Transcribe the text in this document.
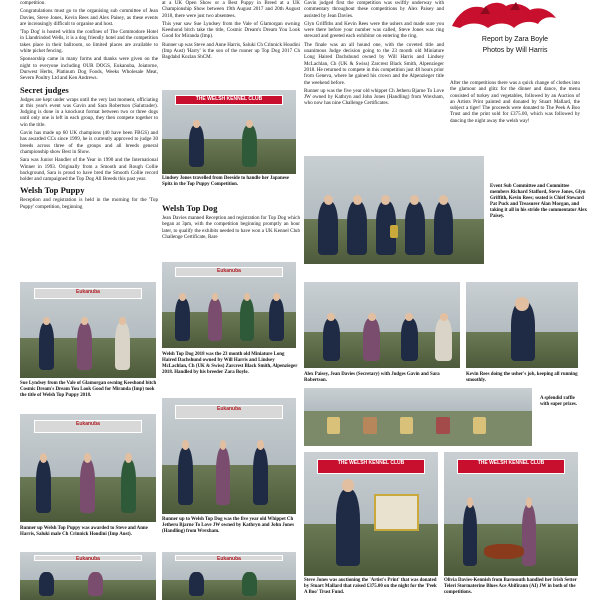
competition.

Congratulations must go to the organising sub committee of Jean Davies, Steve Jones, Kevin Rees and Alex Paisey, as these events are increasingly difficult to organise and host.

'Top Dog' is hosted within the confines of The Commodore Hotel in Llandrindod Wells, it is a dog friendly hotel and the competition takes place in their ballroom, so limited places are available to white picket fencing.

Sponsorship came in many forms and thanks were given on the night to everyone including OUR DOGS, Eukanuba, Joiatorne, Durwest Herbs, Platinum Dog Foods, Weeks Wholesale Meat, Severn Poultry Ltd and Ken Andrews.

Secret judges

Judges are kept under wraps until the very last moment, officiating at this year's event was Gavin and Sara Robertson (Salutrader). Judging is done in a knockout format between two or three dogs until only one is left in each group, they then compete together to win the title.

Gavin has made up 60 UK champions (40 have been FBGS) and has awarded CCs since 1999, he is currently approved to judge 30 breeds across three of the groups and all breeds general championship show Best in Show.

Sara was Junior Handler of the Year in 1990 and the International Winner in 1993. Originally from a Smooth and Rough Collie background, Sara is proud to have bred the Smooth Collie record holder and campaigned the Top Dog All Breeds this past year.

Welsh Top Puppy

Reception and registration is held in the morning for the 'Top Puppy' competition, beginning

at a UK Open Show or a Best Puppy in Breed at a UK Championship Show between 19th August 2017 and 20th August 2018, there were just two absentees.

This year saw Sue Lyndsey from the Vale of Glamorgan owning Keeshond bitch take the title, Cosmic Dream's Dream You Look Good for Miranda (Imp).

Runner up was Steve and Anne Harris, Saluki Ch Crinnick Houdini (Imp Aust) 'Harry' is the son of the runner up Top Dog 2017 Ch Bagdahd Kozlan ShCM.

THE WELSH KENNEL CLUB
Lindsey Jones travelled from Deeside to handle her Japanese Spitz in the Top Puppy Competition.
Welsh Top Dog

Jean Davies manned Reception and registration for Top Dog which began at 3pm, with the competition beginning promptly an hour later, to qualify the exhibits needed to have won a UK Kennel Club Challenge Certificate, Rare

Gavin judged first the competition was swiftly underway with commentary throughout these competitions by Alex Paisey and assisted by Jean Davies.

Glyn Griffiths and Kevin Rees were the ushers and made sure you were there before your number was called, Steve Jones was ring steward and greeted each exhibitor on entering the ring.

The finale was an all hound one, with the coveted title and unanimous Judge decision going to the 23 month old Miniature Long Haired Dachshund owned by Will Harris and Lindsey McLachlan, Ch (UK & Swiss) Zarcrest Black Smith, Alpenzieger 2018. He returned to compete in this competition just 48 hours prior from Geneva, where he gained his crown and the Alpenzieger title the weekend before.

Runner up was the five year old whippet Ch Jetheru Bjarne To Love JW owned by Kathryn and John Jones (Handling) from Wrexham, who now has nine Challenge Certificates.

Report by Zara Boyle
Photos by Will Harris

After the competitions there was a quick change of clothes into the glamour and glitz for the dinner and dance, the menu consisted of turkey and vegetables, followed by an Auction of an Artists Print painted and donated by Stuart Mallard, the subject a tiger! The proceeds were donated to The Peek A Boo Trust and the print sold for £375.00, which was followed by dancing the night away the welsh way!

Event Sub Committee and Committee members Richard Stafford, Steve Jones, Glyn Griffith, Kevin Rees; seated is Chief Steward Pat Puck and Treasurer Alan Morgan, and taking it all in his stride the commentator Alex Paisey.
Eukanuba
Sue Lyndsey from the Vale of Glamorgan owning Keeshond bitch Cosmic Dream's Dream You Look Good for Miranda (Imp) took the title of Welsh Top Puppy 2018.
Eukanuba
Welsh Top Dog 2018 was the 23 month old Miniature Long Haired Dachshund owned by Will Harris and Lindsey McLachlan, Ch (UK & Swiss) Zarcrest Black Smith, Alpenzieger 2018. Handled by his breeder Zara Boyle.	Alex Paisey, Jean Davies (Secretary) with Judges Gavin and Sara Robertson.
Kevin Rees doing the usher's job, keeping all running smoothly.
Eukanuba
Runner up Welsh Top Puppy was awarded to Steve and Anne Harris, Saluki male Ch Crinnick Houdini (Imp Aust).
Eukanuba
Runner up to Welsh Top Dog was the five year old Whippet Ch Jetheru Bjarne To Love JW owned by Kathryn and John Jones (Handling) from Wrexham.
A splendid raffle with super prizes.
THE WELSH KENNEL CLUB
Steve Jones was auctioning the 'Artist's Print' that was donated by Stuart Mallard that raised £375.00 on the night for the 'Peek A Boo' Trust Fund.
THE WELSH KENNEL CLUB
Olivia Davies-Kennish from Barnsouth handled her Irish Setter Teleri Stormaterine Blues Ace Abifirann (AI) JW in both of the competitions.
Eukanuba	Eukanuba
